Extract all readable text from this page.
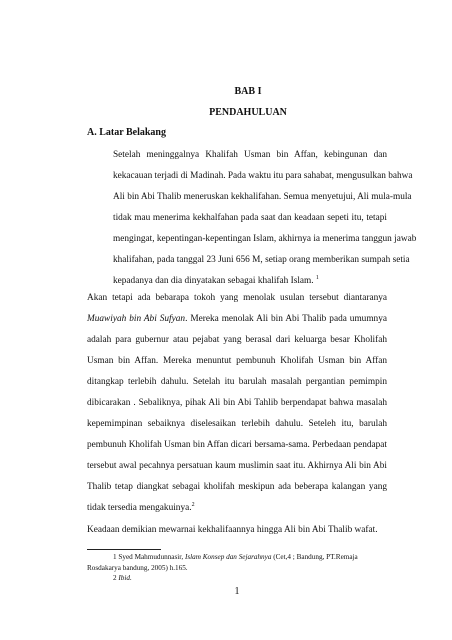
BAB I
PENDAHULUAN
A. Latar Belakang
Setelah meninggalnya Khalifah Usman bin Affan, kebingunan dan
kekacauan terjadi di Madinah. Pada waktu itu para sahabat, mengusulkan bahwa
Ali bin Abi Thalib meneruskan kekhalifahan. Semua menyetujui, Ali mula-mula
tidak mau menerima kekhalfahan pada saat dan keadaan sepeti itu, tetapi
mengingat, kepentingan-kepentingan Islam, akhirnya ia menerima tanggun jawab
khalifahan, pada tanggal 23 Juni 656 M, setiap orang memberikan sumpah setia
kepadanya dan dia dinyatakan sebagai khalifah Islam. $^1$
Akan tetapi ada bebarapa tokoh yang menolak usulan tersebut diantaranya
Muawiyah bin Abi Sufyan. Mereka menolak Ali bin Abi Thalib pada umumnya
adalah para gubernur atau pejabat yang berasal dari keluarga besar Kholifah
Usman bin Affan. Mereka menuntut pembunuh Kholifah Usman bin Affan
ditangkap terlebih dahulu. Setelah itu barulah masalah pergantian pemimpin
dibicarakan . Sebaliknya, pihak Ali bin Abi Tahlib berpendapat bahwa masalah
kepemimpinan sebaiknya diselesaikan terlebih dahulu. Seteleh itu, barulah
pembunuh Kholifah Usman bin Affan dicari bersama-sama. Perbedaan pendapat
tersebut awal pecahnya persatuan kaum muslimin saat itu. Akhirnya Ali bin Abi
Thalib tetap diangkat sebagai kholifah meskipun ada beberapa kalangan yang
tidak tersedia mengakuinya.$^2$
Keadaan demikian mewarnai kekhalifaannya hingga Ali bin Abi Thalib wafat.
1 Syed Mahmudunnasir, Islam Konsep dan Sejarahnya (Cet,4 ; Bandung, PT.Remaja Rosdakarya bandung, 2005) h.165.
2 Ibid.
1
